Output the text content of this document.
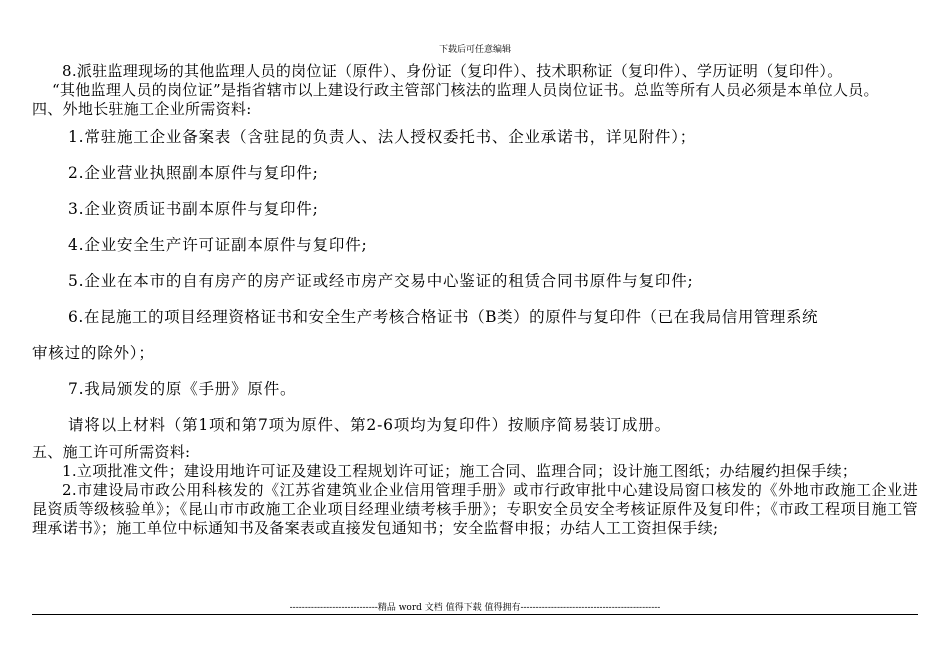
下载后可任意编辑

8.派驻监理现场的其他监理人员的岗位证（原件）、身份证（复印件）、技术职称证（复印件）、学历证明（复印件）。

“其他监理人员的岗位证”是指省辖市以上建设行政主管部门核法的监理人员岗位证书。总监等所有人员必须是本单位人员。

四、外地长驻施工企业所需资料:

1.常驻施工企业备案表（含驻昆的负责人、法人授权委托书、企业承诺书，详见附件）；
2.企业营业执照副本原件与复印件;
3.企业资质证书副本原件与复印件;
4.企业安全生产许可证副本原件与复印件;
5.企业在本市的自有房产的房产证或经市房产交易中心鉴证的租赁合同书原件与复印件;
6.在昆施工的项目经理资格证书和安全生产考核合格证书（B类）的原件与复印件（已在我局信用管理系统
审核过的除外）；
7.我局颁发的原《手册》原件。
请将以上材料（第1项和第7项为原件、第2-6项均为复印件）按顺序简易装订成册。

五、施工许可所需资料:

1.立项批准文件；建设用地许可证及建设工程规划许可证；施工合同、监理合同；设计施工图纸；办结履约担保手续；

2.市建设局市政公用科核发的《江苏省建筑业企业信用管理手册》或市行政审批中心建设局窗口核发的《外地市政施工企业进昆资质等级核验单》；《昆山市市政施工企业项目经理业绩考核手册》；专职安全员安全考核证原件及复印件；《市政工程项目施工管理承诺书》；施工单位中标通知书及备案表或直接发包通知书；安全监督申报；办结人工工资担保手续;

-----------------------------精品 word 文档 值得下载 值得拥有----------------------------------------------
